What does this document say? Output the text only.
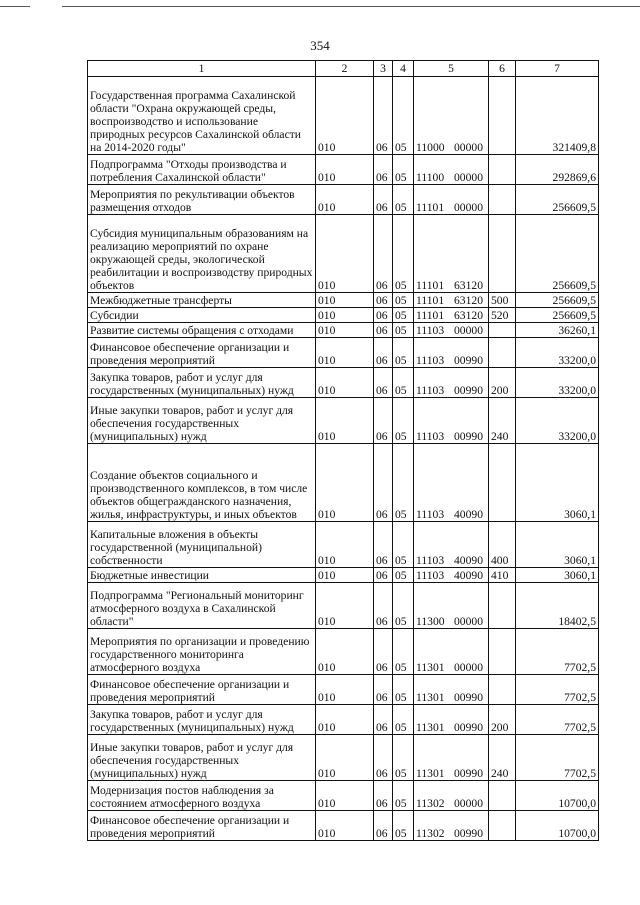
354
1	2	3	4	5	6	7
Государственная программа Сахалинской области "Охрана окружающей среды, воспроизводство и использование природных ресурсов Сахалинской области на 2014-2020 годы"	010	06	05	11000 00000		321409,8
Подпрограмма "Отходы производства и потребления Сахалинской области"	010	06	05	11100 00000		292869,6
Мероприятия по рекультивации объектов размещения отходов	010	06	05	11101 00000		256609,5
Субсидия муниципальным образованиям на реализацию мероприятий по охране окружающей среды, экологической реабилитации и воспроизводству природных объектов	010	06	05	11101 63120		256609,5
Межбюджетные трансферты	010	06	05	11101 63120	500	256609,5
Субсидии	010	06	05	11101 63120	520	256609,5
Развитие системы обращения с отходами	010	06	05	11103 00000		36260,1
Финансовое обеспечение организации и проведения мероприятий	010	06	05	11103 00990		33200,0
Закупка товаров, работ и услуг для государственных (муниципальных) нужд	010	06	05	11103 00990	200	33200,0
Иные закупки товаров, работ и услуг для обеспечения государственных (муниципальных) нужд	010	06	05	11103 00990	240	33200,0
Создание объектов социального и производственного комплексов, в том числе объектов общегражданского назначения, жилья, инфраструктуры, и иных объектов	010	06	05	11103 40090		3060,1
Капитальные вложения в объекты государственной (муниципальной) собственности	010	06	05	11103 40090	400	3060,1
Бюджетные инвестиции	010	06	05	11103 40090	410	3060,1
Подпрограмма "Региональный мониторинг атмосферного воздуха в Сахалинской области"	010	06	05	11300 00000		18402,5
Мероприятия по организации и проведению государственного мониторинга атмосферного воздуха	010	06	05	11301 00000		7702,5
Финансовое обеспечение организации и проведения мероприятий	010	06	05	11301 00990		7702,5
Закупка товаров, работ и услуг для государственных (муниципальных) нужд	010	06	05	11301 00990	200	7702,5
Иные закупки товаров, работ и услуг для обеспечения государственных (муниципальных) нужд	010	06	05	11301 00990	240	7702,5
Модернизация постов наблюдения за состоянием атмосферного воздуха	010	06	05	11302 00000		10700,0
Финансовое обеспечение организации и проведения мероприятий	010	06	05	11302 00990		10700,0
